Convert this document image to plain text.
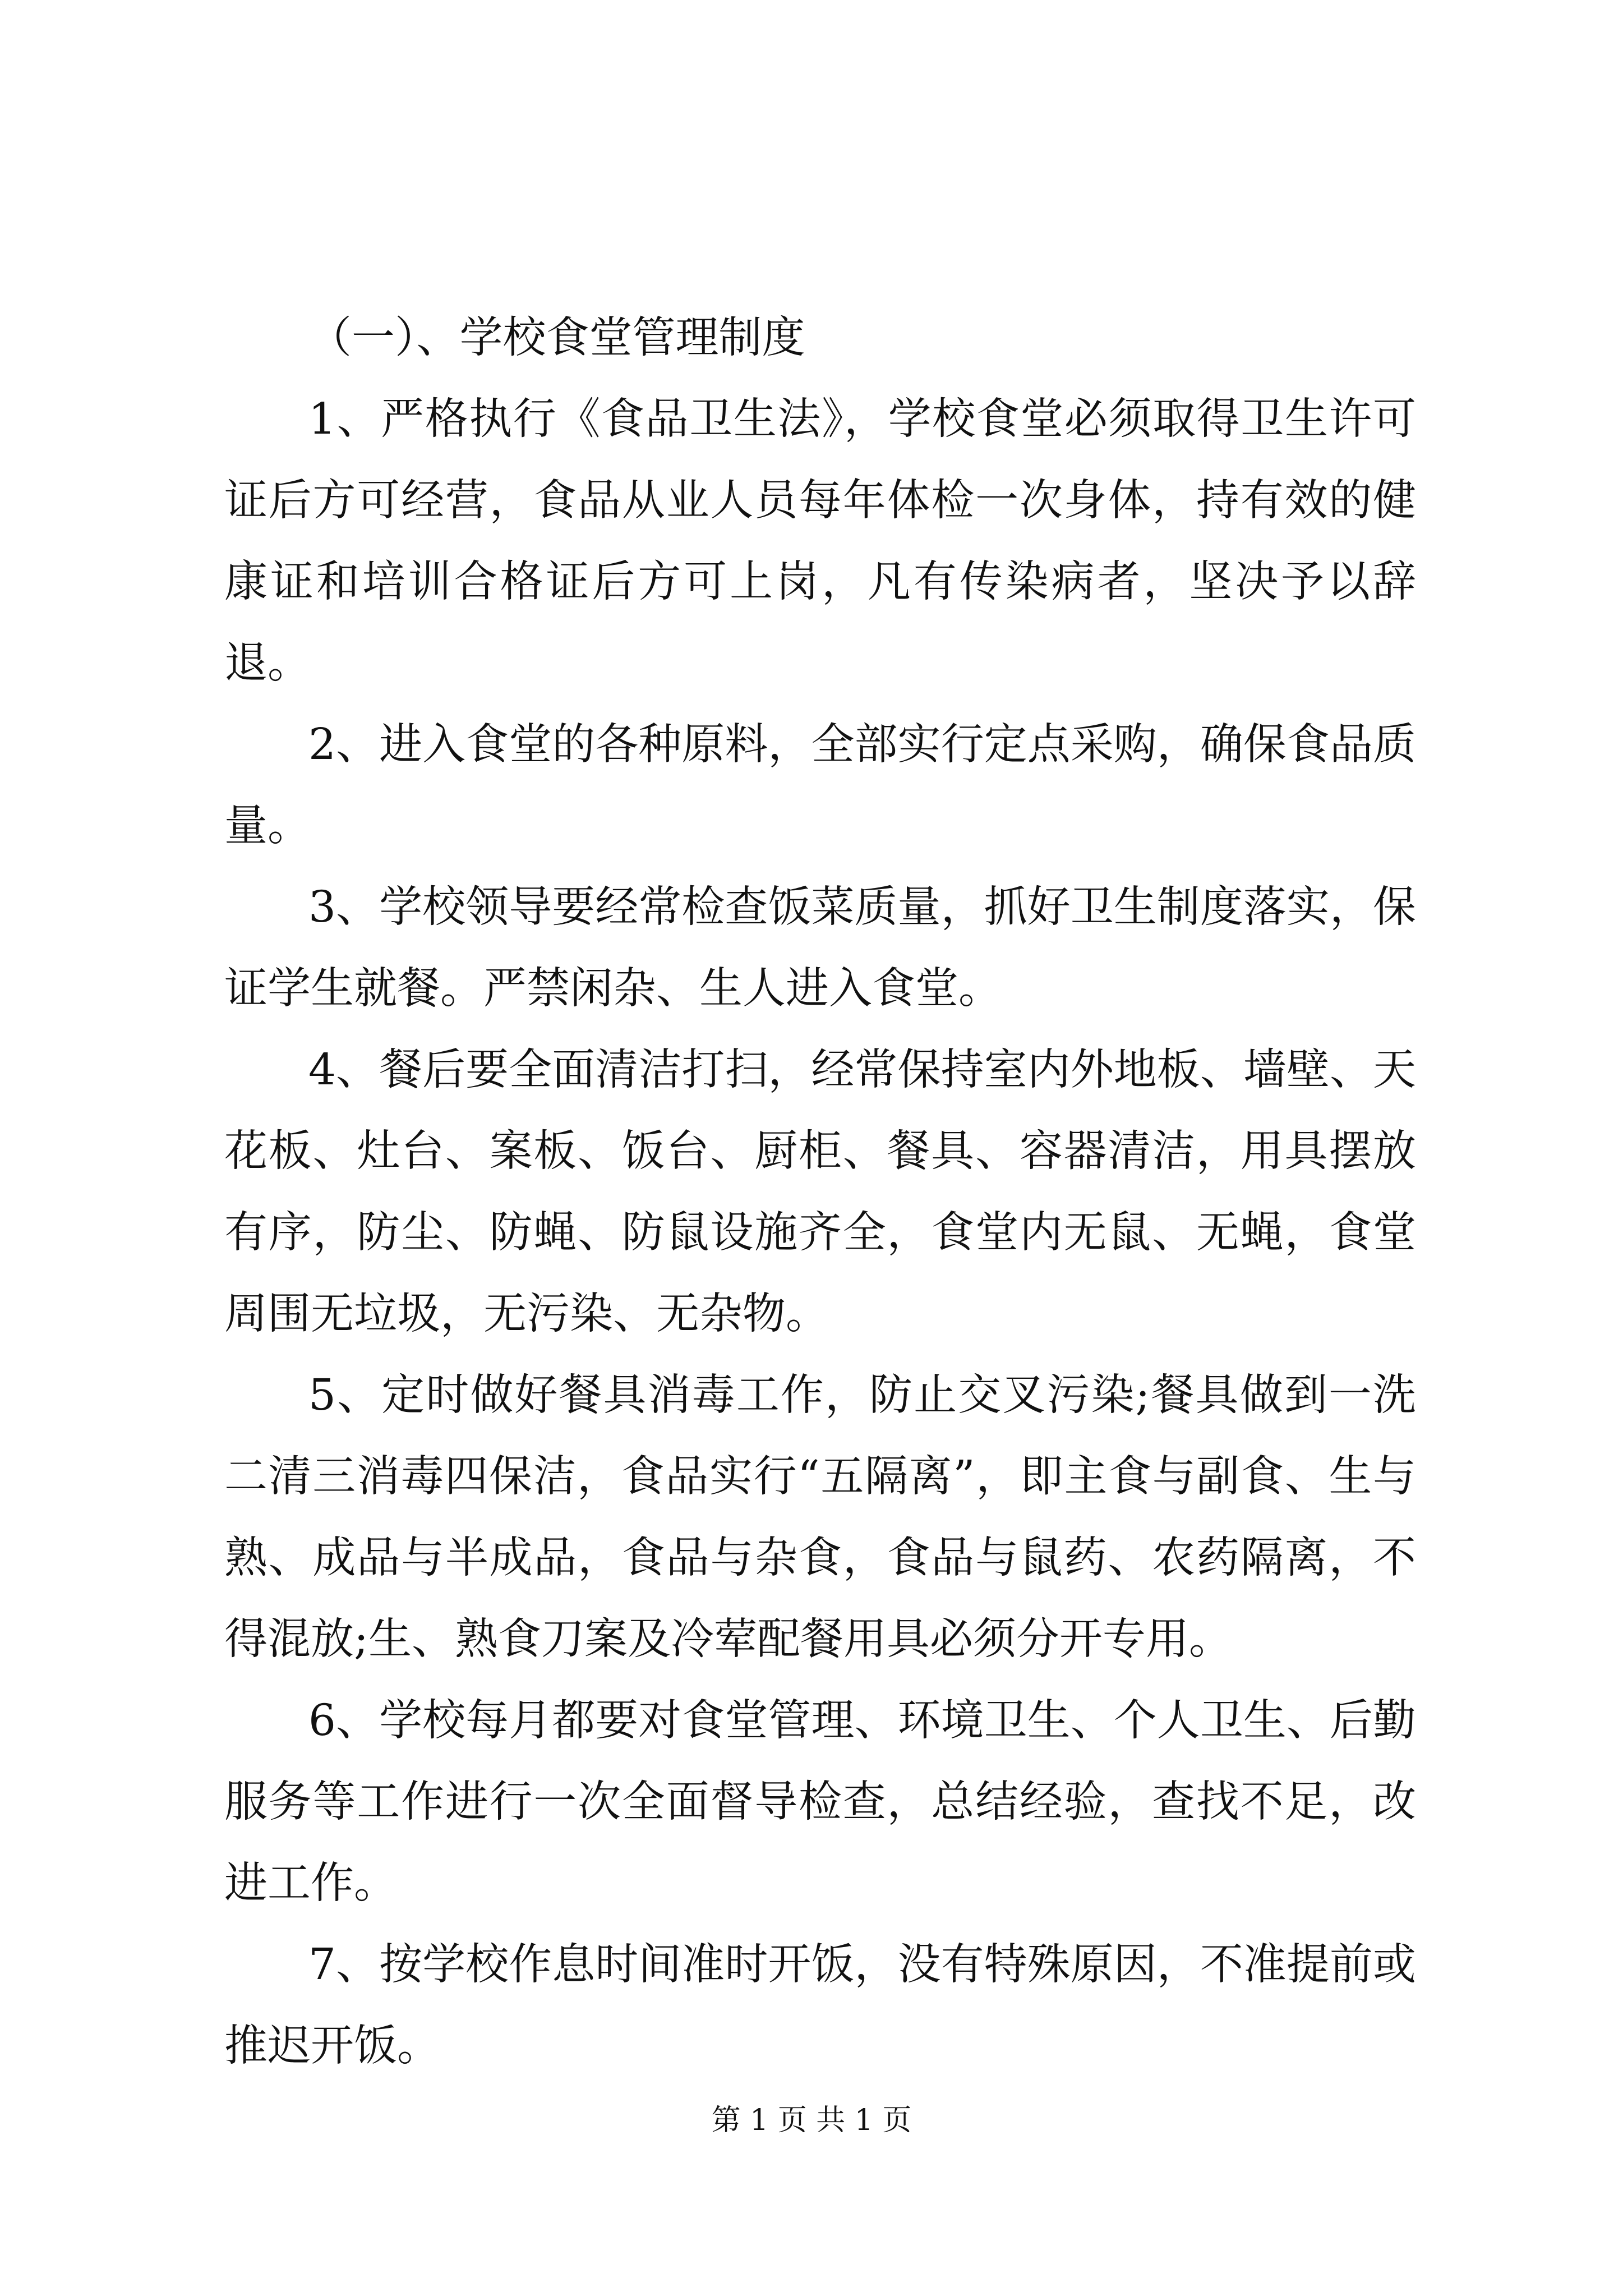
（一）、学校食堂管理制度

1、严格执行《食品卫生法》，学校食堂必须取得卫生许可证后方可经营，食品从业人员每年体检一次身体，持有效的健康证和培训合格证后方可上岗，凡有传染病者，坚决予以辞退。

2、进入食堂的各种原料，全部实行定点采购，确保食品质量。

3、学校领导要经常检查饭菜质量，抓好卫生制度落实，保证学生就餐。严禁闲杂、生人进入食堂。

4、餐后要全面清洁打扫，经常保持室内外地板、墙壁、天花板、灶台、案板、饭台、厨柜、餐具、容器清洁，用具摆放有序，防尘、防蝇、防鼠设施齐全，食堂内无鼠、无蝇，食堂周围无垃圾，无污染、无杂物。

5、定时做好餐具消毒工作，防止交叉污染;餐具做到一洗二清三消毒四保洁，食品实行“五隔离”，即主食与副食、生与熟、成品与半成品，食品与杂食，食品与鼠药、农药隔离，不得混放;生、熟食刀案及冷荤配餐用具必须分开专用。

6、学校每月都要对食堂管理、环境卫生、个人卫生、后勤服务等工作进行一次全面督导检查，总结经验，查找不足，改进工作。

7、按学校作息时间准时开饭，没有特殊原因，不准提前或推迟开饭。

第 1 页 共 1 页
